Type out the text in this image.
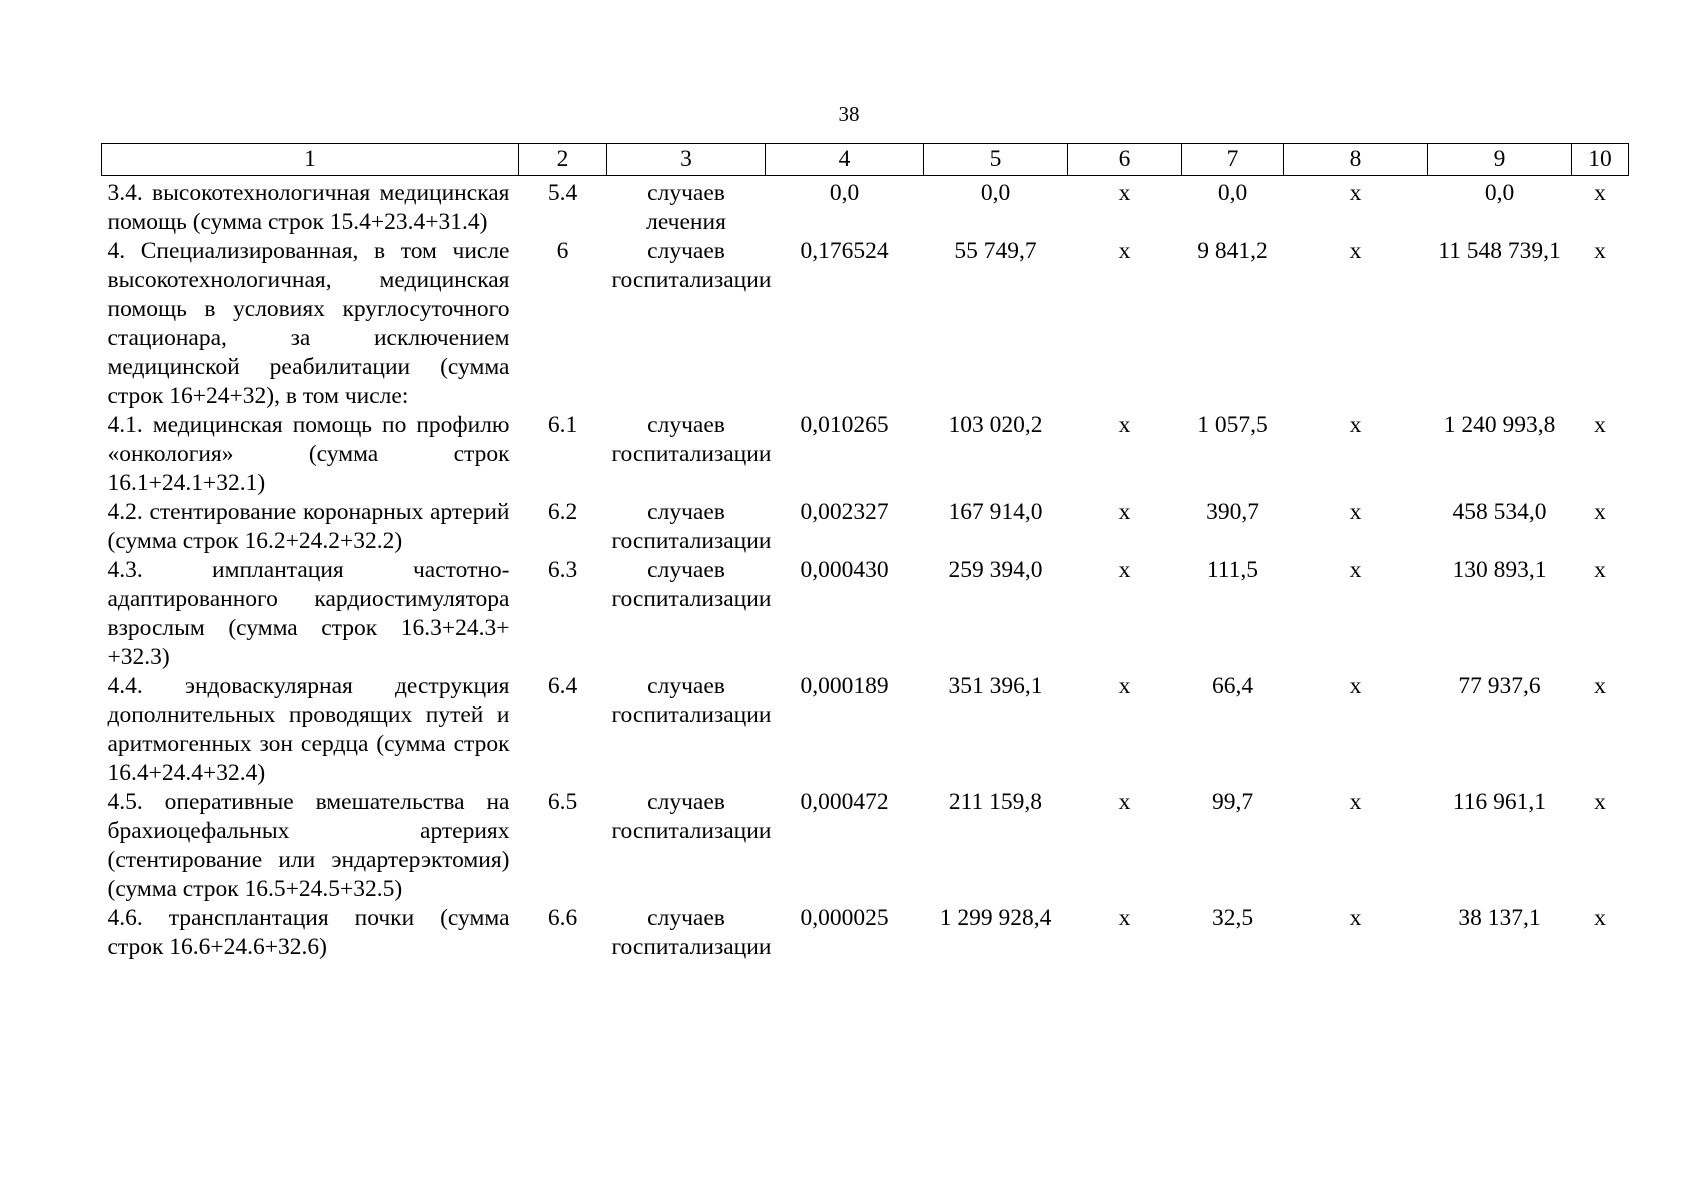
38
1	2	3	4	5	6	7	8	9	10
3.4. высокотехнологичная медицинская помощь (сумма строк 15.4+23.4+31.4)	5.4	случаев лечения	0,0	0,0	х	0,0	х	0,0	х
4. Специализированная, в том числе высокотехнологичная, медицинская помощь в условиях круглосуточного стационара, за исключением медицинской реабилитации (сумма строк 16+24+32), в том числе:	6	случаев госпитализации	0,176524	55 749,7	х	9 841,2	х	11 548 739,1	х
4.1. медицинская помощь по профилю «онкология» (сумма строк 16.1+24.1+32.1)	6.1	случаев госпитализации	0,010265	103 020,2	х	1 057,5	х	1 240 993,8	х
4.2. стентирование коронарных артерий (сумма строк 16.2+24.2+32.2)	6.2	случаев госпитализации	0,002327	167 914,0	х	390,7	х	458 534,0	х
4.3. имплантация частотно-адаптированного кардиостимулятора взрослым (сумма строк 16.3+24.3+ +32.3)	6.3	случаев госпитализации	0,000430	259 394,0	х	111,5	х	130 893,1	х
4.4. эндоваскулярная деструкция дополнительных проводящих путей и аритмогенных зон сердца (сумма строк 16.4+24.4+32.4)	6.4	случаев госпитализации	0,000189	351 396,1	х	66,4	х	77 937,6	х
4.5. оперативные вмешательства на брахиоцефальных артериях (стентирование или эндартерэктомия) (сумма строк 16.5+24.5+32.5)	6.5	случаев госпитализации	0,000472	211 159,8	х	99,7	х	116 961,1	х
4.6. трансплантация почки (сумма строк 16.6+24.6+32.6)	6.6	случаев госпитализации	0,000025	1 299 928,4	х	32,5	х	38 137,1	х
